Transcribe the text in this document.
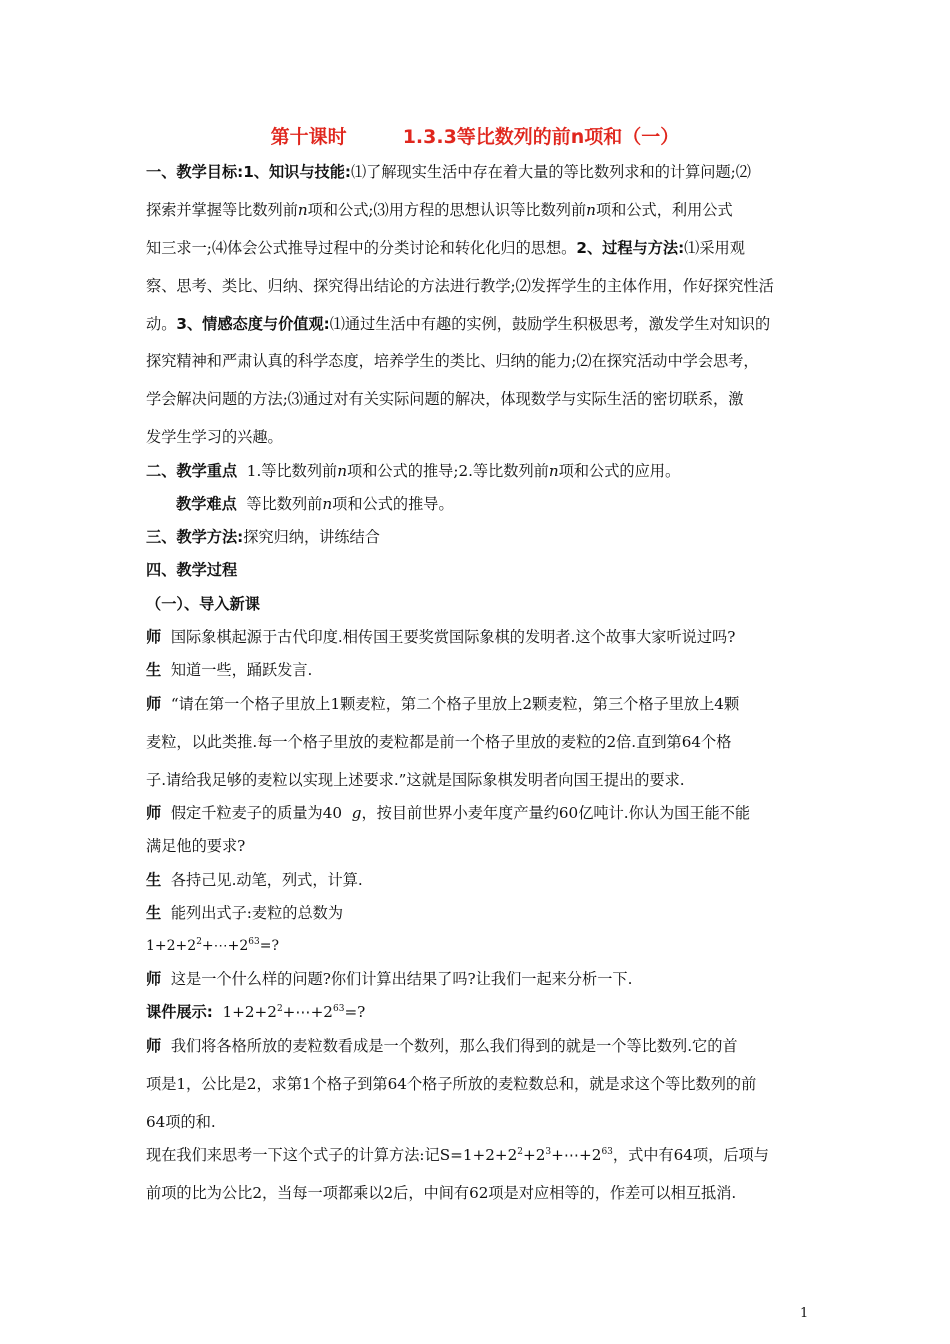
第十课时	1.3.3等比数列的前n项和（一）
一、教学目标:1、知识与技能:⑴了解现实生活中存在着大量的等比数列求和的计算问题;⑵
探索并掌握等比数列前n项和公式;⑶用方程的思想认识等比数列前n项和公式，利用公式
知三求一;⑷体会公式推导过程中的分类讨论和转化化归的思想。2、过程与方法:⑴采用观
察、思考、类比、归纳、探究得出结论的方法进行教学;⑵发挥学生的主体作用，作好探究性活
动。3、情感态度与价值观:⑴通过生活中有趣的实例，鼓励学生积极思考，激发学生对知识的
探究精神和严肃认真的科学态度，培养学生的类比、归纳的能力;⑵在探究活动中学会思考，
学会解决问题的方法;⑶通过对有关实际问题的解决，体现数学与实际生活的密切联系，激
发学生学习的兴趣。
二、教学重点 1.等比数列前n项和公式的推导;2.等比数列前n项和公式的应用。
教学难点 等比数列前n项和公式的推导。
三、教学方法:探究归纳，讲练结合
四、教学过程
（一）、导入新课
师 国际象棋起源于古代印度.相传国王要奖赏国际象棋的发明者.这个故事大家听说过吗?
生 知道一些，踊跃发言.
师 “请在第一个格子里放上1颗麦粒，第二个格子里放上2颗麦粒，第三个格子里放上4颗
麦粒，以此类推.每一个格子里放的麦粒都是前一个格子里放的麦粒的2倍.直到第64个格
子.请给我足够的麦粒以实现上述要求.”这就是国际象棋发明者向国王提出的要求.
师 假定千粒麦子的质量为40 g，按目前世界小麦年度产量约60亿吨计.你认为国王能不能
满足他的要求?
生 各持己见.动笔，列式，计算.
生 能列出式子:麦粒的总数为
$1+2+2^2+\cdots+2^{63}=$?
师 这是一个什么样的问题?你们计算出结果了吗?让我们一起来分析一下.
课件展示: $1+2+2^2+\cdots+2^{63}=$?
师 我们将各格所放的麦粒数看成是一个数列，那么我们得到的就是一个等比数列.它的首
项是1，公比是2，求第1个格子到第64个格子所放的麦粒数总和，就是求这个等比数列的前
64项的和.
现在我们来思考一下这个式子的计算方法:记$S=1+2+2^2+2^3+\cdots+2^{63}$，式中有64项，后项与
前项的比为公比2，当每一项都乘以2后，中间有62项是对应相等的，作差可以相互抵消.
1
